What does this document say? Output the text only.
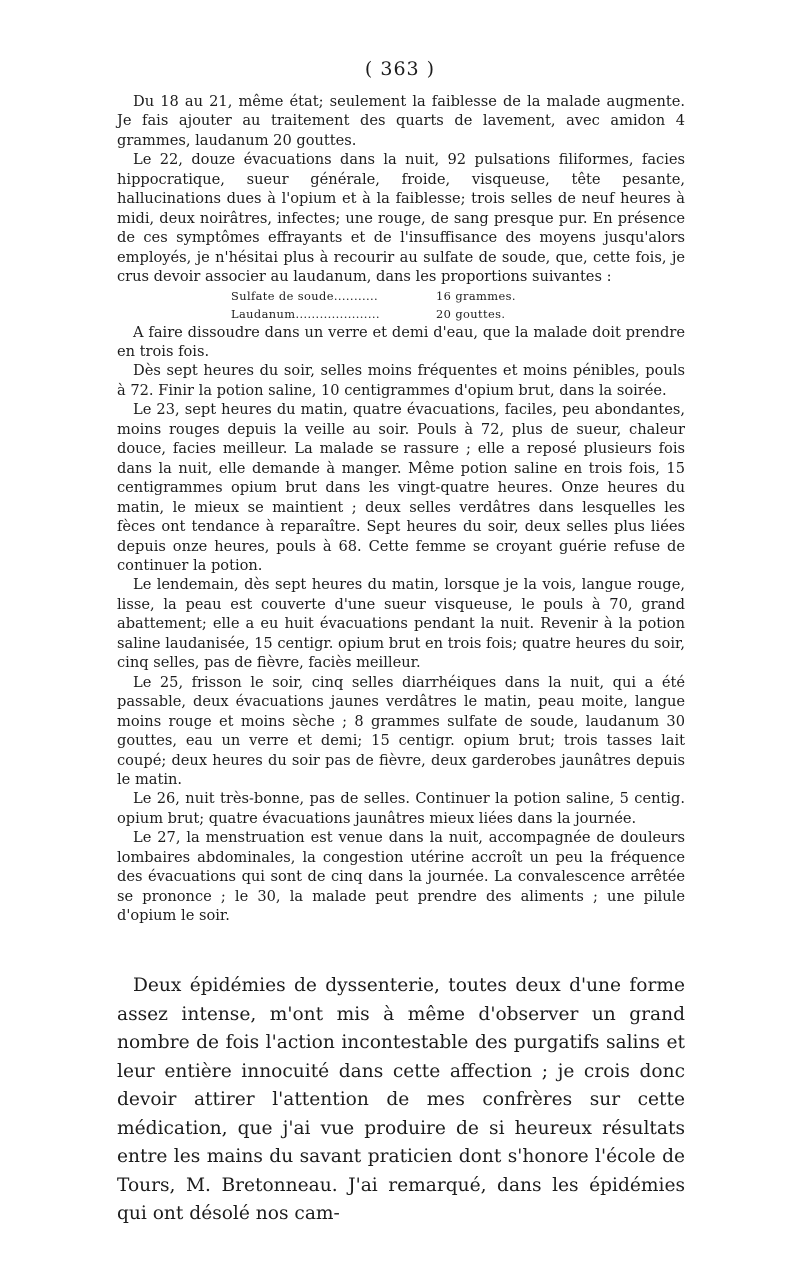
( 363 )

Du 18 au 21, même état; seulement la faiblesse de la malade augmente. Je fais ajouter au traitement des quarts de lavement, avec amidon 4 grammes, laudanum 20 gouttes.

Le 22, douze évacuations dans la nuit, 92 pulsations filiformes, facies hippocratique, sueur générale, froide, visqueuse, tête pesante, hallucinations dues à l'opium et à la faiblesse; trois selles de neuf heures à midi, deux noirâtres, infectes; une rouge, de sang presque pur. En présence de ces symptômes effrayants et de l'insuffisance des moyens jusqu'alors employés, je n'hésitai plus à recourir au sulfate de soude, que, cette fois, je crus devoir associer au laudanum, dans les proportions suivantes :

Sulfate de soude...........	16 grammes.
Laudanum.....................	20 gouttes.

A faire dissoudre dans un verre et demi d'eau, que la malade doit prendre en trois fois.

Dès sept heures du soir, selles moins fréquentes et moins pénibles, pouls à 72. Finir la potion saline, 10 centigrammes d'opium brut, dans la soirée.

Le 23, sept heures du matin, quatre évacuations, faciles, peu abondantes, moins rouges depuis la veille au soir. Pouls à 72, plus de sueur, chaleur douce, facies meilleur. La malade se rassure ; elle a reposé plusieurs fois dans la nuit, elle demande à manger. Même potion saline en trois fois, 15 centigrammes opium brut dans les vingt-quatre heures. Onze heures du matin, le mieux se maintient ; deux selles verdâtres dans lesquelles les fèces ont tendance à reparaître. Sept heures du soir, deux selles plus liées depuis onze heures, pouls à 68. Cette femme se croyant guérie refuse de continuer la potion.

Le lendemain, dès sept heures du matin, lorsque je la vois, langue rouge, lisse, la peau est couverte d'une sueur visqueuse, le pouls à 70, grand abattement; elle a eu huit évacuations pendant la nuit. Revenir à la potion saline laudanisée, 15 centigr. opium brut en trois fois; quatre heures du soir, cinq selles, pas de fièvre, faciès meilleur.

Le 25, frisson le soir, cinq selles diarrhéiques dans la nuit, qui a été passable, deux évacuations jaunes verdâtres le matin, peau moite, langue moins rouge et moins sèche ; 8 grammes sulfate de soude, laudanum 30 gouttes, eau un verre et demi; 15 centigr. opium brut; trois tasses lait coupé; deux heures du soir pas de fièvre, deux garderobes jaunâtres depuis le matin.

Le 26, nuit très-bonne, pas de selles. Continuer la potion saline, 5 centig. opium brut; quatre évacuations jaunâtres mieux liées dans la journée.

Le 27, la menstruation est venue dans la nuit, accompagnée de douleurs lombaires abdominales, la congestion utérine accroît un peu la fréquence des évacuations qui sont de cinq dans la journée. La convalescence arrêtée se prononce ; le 30, la malade peut prendre des aliments ; une pilule d'opium le soir.

Deux épidémies de dyssenterie, toutes deux d'une forme assez intense, m'ont mis à même d'observer un grand nombre de fois l'action incontestable des purgatifs salins et leur entière innocuité dans cette affection ; je crois donc devoir attirer l'attention de mes confrères sur cette médication, que j'ai vue produire de si heureux résultats entre les mains du savant praticien dont s'honore l'école de Tours, M. Bretonneau. J'ai remarqué, dans les épidémies qui ont désolé nos cam-
